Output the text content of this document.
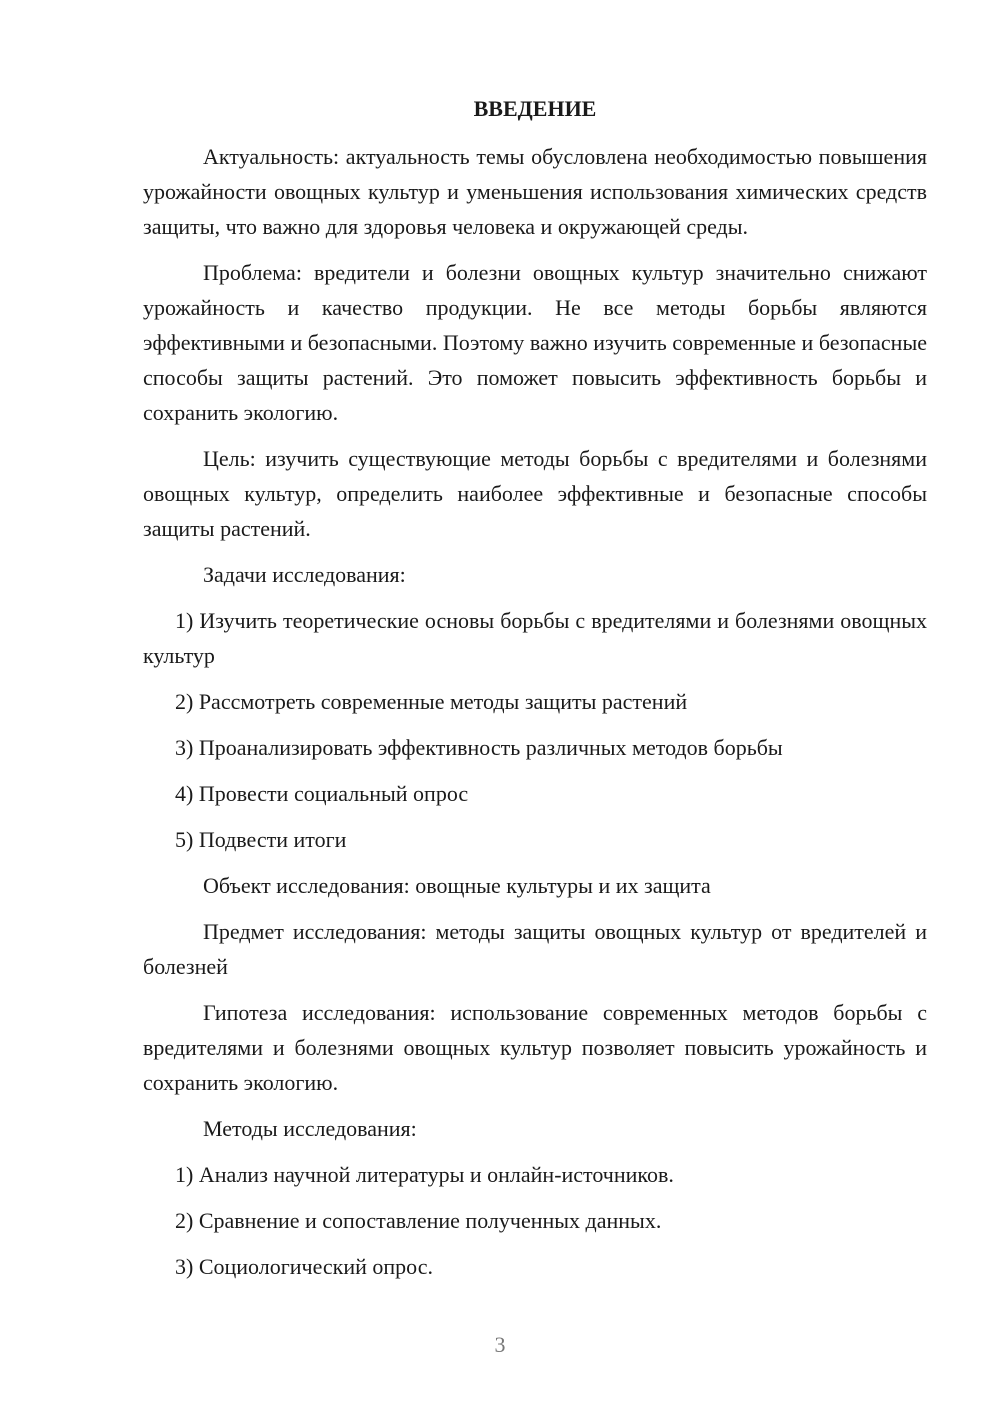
ВВЕДЕНИЕ

Актуальность: актуальность темы обусловлена необходимостью повышения урожайности овощных культур и уменьшения использования химических средств защиты, что важно для здоровья человека и окружающей среды.

Проблема: вредители и болезни овощных культур значительно снижают урожайность и качество продукции. Не все методы борьбы являются эффективными и безопасными. Поэтому важно изучить современные и безопасные способы защиты растений. Это поможет повысить эффективность борьбы и сохранить экологию.

Цель: изучить существующие методы борьбы с вредителями и болезнями овощных культур, определить наиболее эффективные и безопасные способы защиты растений.

Задачи исследования:

1) Изучить теоретические основы борьбы с вредителями и болезнями овощных культур

2) Рассмотреть современные методы защиты растений

3) Проанализировать эффективность различных методов борьбы

4) Провести социальный опрос

5) Подвести итоги

Объект исследования: овощные культуры и их защита

Предмет исследования: методы защиты овощных культур от вредителей и болезней

Гипотеза исследования: использование современных методов борьбы с вредителями и болезнями овощных культур позволяет повысить урожайность и сохранить экологию.

Методы исследования:

1) Анализ научной литературы и онлайн-источников.

2) Сравнение и сопоставление полученных данных.

3) Социологический опрос.

3
